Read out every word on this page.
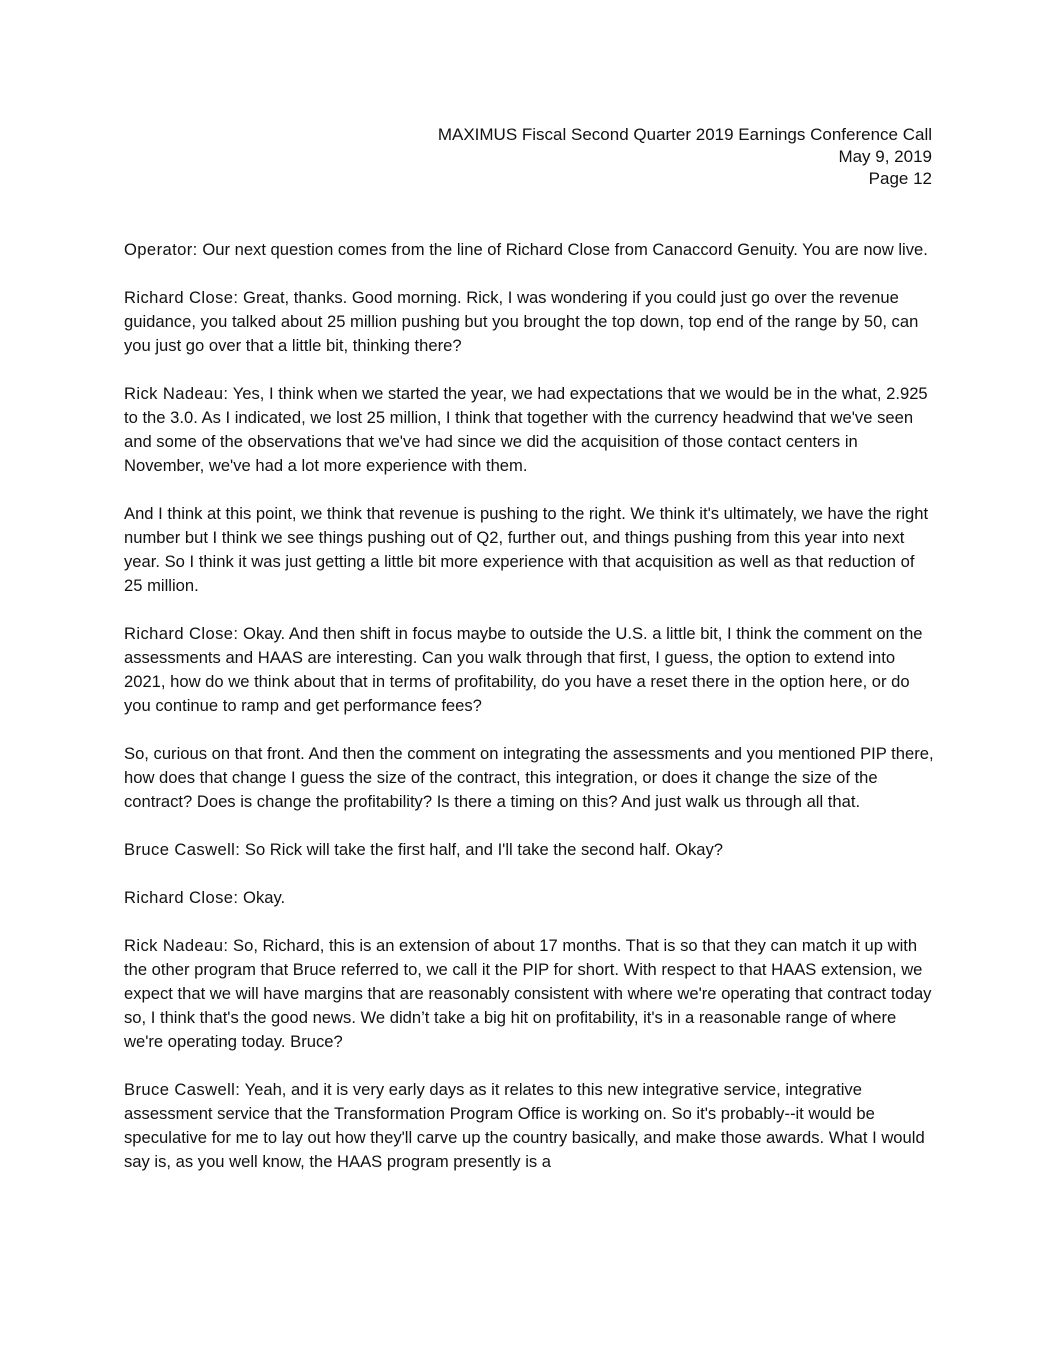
MAXIMUS Fiscal Second Quarter 2019 Earnings Conference Call
May 9, 2019
Page 12

Operator: Our next question comes from the line of Richard Close from Canaccord Genuity. You are now live.

Richard Close: Great, thanks. Good morning. Rick, I was wondering if you could just go over the revenue guidance, you talked about 25 million pushing but you brought the top down, top end of the range by 50, can you just go over that a little bit, thinking there?

Rick Nadeau: Yes, I think when we started the year, we had expectations that we would be in the what, 2.925 to the 3.0. As I indicated, we lost 25 million, I think that together with the currency headwind that we've seen and some of the observations that we've had since we did the acquisition of those contact centers in November, we've had a lot more experience with them.

And I think at this point, we think that revenue is pushing to the right. We think it's ultimately, we have the right number but I think we see things pushing out of Q2, further out, and things pushing from this year into next year. So I think it was just getting a little bit more experience with that acquisition as well as that reduction of 25 million.

Richard Close: Okay. And then shift in focus maybe to outside the U.S. a little bit, I think the comment on the assessments and HAAS are interesting. Can you walk through that first, I guess, the option to extend into 2021, how do we think about that in terms of profitability, do you have a reset there in the option here, or do you continue to ramp and get performance fees?

So, curious on that front. And then the comment on integrating the assessments and you mentioned PIP there, how does that change I guess the size of the contract, this integration, or does it change the size of the contract? Does is change the profitability? Is there a timing on this? And just walk us through all that.

Bruce Caswell: So Rick will take the first half, and I'll take the second half. Okay?

Richard Close: Okay.

Rick Nadeau: So, Richard, this is an extension of about 17 months. That is so that they can match it up with the other program that Bruce referred to, we call it the PIP for short. With respect to that HAAS extension, we expect that we will have margins that are reasonably consistent with where we're operating that contract today so, I think that's the good news. We didn’t take a big hit on profitability, it's in a reasonable range of where we're operating today. Bruce?

Bruce Caswell: Yeah, and it is very early days as it relates to this new integrative service, integrative assessment service that the Transformation Program Office is working on. So it's probably--it would be speculative for me to lay out how they'll carve up the country basically, and make those awards. What I would say is, as you well know, the HAAS program presently is a
